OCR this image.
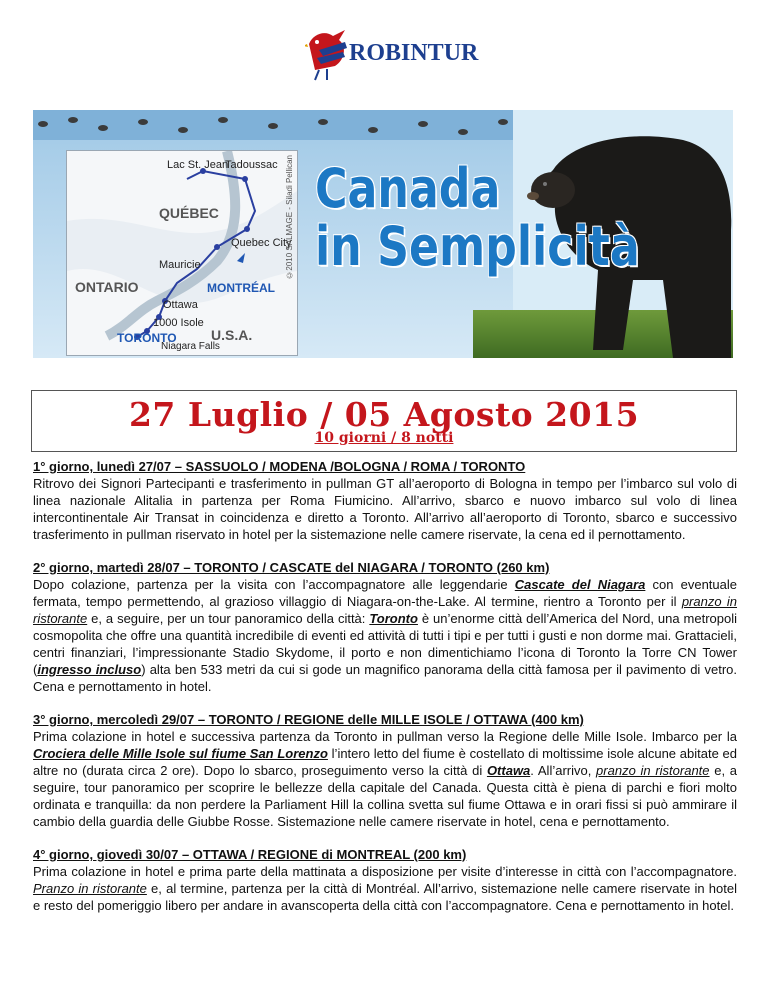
ROBINTUR
Lac St. Jean
Tadoussac
QUÉBEC
Quebec City
Mauricie
ONTARIO	MONTRÉAL
Ottawa
1000 Isole
TORONTO U.S.A.
Niagara Falls
©2010 SALMAGE - Siladi Pellican Canada
in Semplicità
27 Luglio / 05 Agosto 2015
10 giorni / 8 notti
1° giorno, lunedì 27/07 – SASSUOLO / MODENA /BOLOGNA / ROMA / TORONTO

Ritrovo dei Signori Partecipanti e trasferimento in pullman GT all’aeroporto di Bologna in tempo per l’imbarco sul volo di linea nazionale Alitalia in partenza per Roma Fiumicino. All’arrivo, sbarco e nuovo imbarco sul volo di linea intercontinentale Air Transat in coincidenza e diretto a Toronto. All’arrivo all’aeroporto di Toronto, sbarco e successivo trasferimento in pullman riservato in hotel per la sistemazione nelle camere riservate, la cena ed il pernottamento.

2° giorno, martedì 28/07 – TORONTO / CASCATE del NIAGARA / TORONTO (260 km)

Dopo colazione, partenza per la visita con l’accompagnatore alle leggendarie Cascate del Niagara con eventuale fermata, tempo permettendo, al grazioso villaggio di Niagara-on-the-Lake. Al termine, rientro a Toronto per il pranzo in ristorante e, a seguire, per un tour panoramico della città: Toronto è un’enorme città dell’America del Nord, una metropoli cosmopolita che offre una quantità incredibile di eventi ed attività di tutti i tipi e per tutti i gusti e non dorme mai. Grattacieli, centri finanziari, l’impressionante Stadio Skydome, il porto e non dimentichiamo l’icona di Toronto la Torre CN Tower (ingresso incluso) alta ben 533 metri da cui si gode un magnifico panorama della città famosa per il pavimento di vetro. Cena e pernottamento in hotel.

3° giorno, mercoledì 29/07 – TORONTO / REGIONE delle MILLE ISOLE / OTTAWA (400 km)

Prima colazione in hotel e successiva partenza da Toronto in pullman verso la Regione delle Mille Isole. Imbarco per la Crociera delle Mille Isole sul fiume San Lorenzo l’intero letto del fiume è costellato di moltissime isole alcune abitate ed altre no (durata circa 2 ore). Dopo lo sbarco, proseguimento verso la città di Ottawa. All’arrivo, pranzo in ristorante e, a seguire, tour panoramico per scoprire le bellezze della capitale del Canada. Questa città è piena di parchi e fiori molto ordinata e tranquilla: da non perdere la Parliament Hill la collina svetta sul fiume Ottawa e in orari fissi si può ammirare il cambio della guardia delle Giubbe Rosse. Sistemazione nelle camere riservate in hotel, cena e pernottamento.

4° giorno, giovedì 30/07 – OTTAWA / REGIONE di MONTREAL (200 km)

Prima colazione in hotel e prima parte della mattinata a disposizione per visite d’interesse in città con l’accompagnatore. Pranzo in ristorante e, al termine, partenza per la città di Montréal. All’arrivo, sistemazione nelle camere riservate in hotel e resto del pomeriggio libero per andare in avanscoperta della città con l’accompagnatore. Cena e pernottamento in hotel.
